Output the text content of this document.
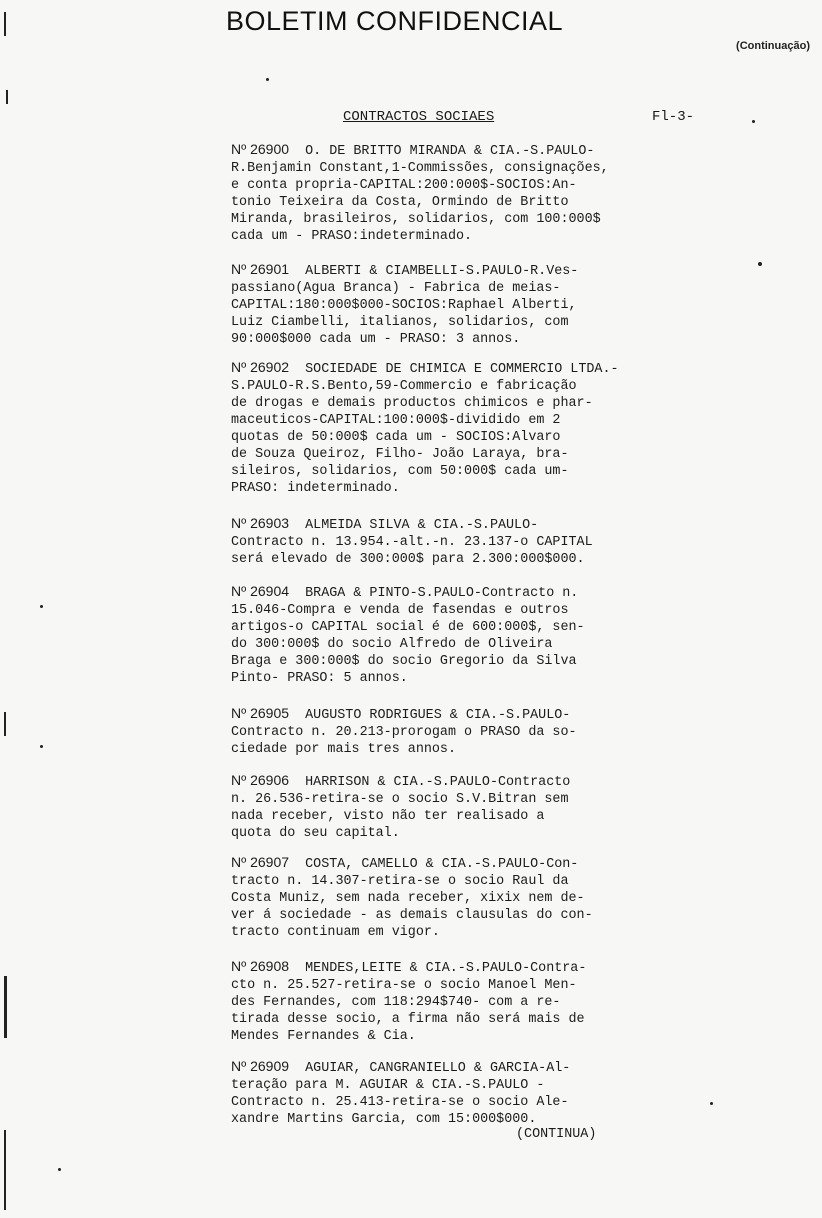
BOLETIM CONFIDENCIAL
(Continuação)
CONTRACTOS SOCIAES	Fl-3-
Nº 26900 O. DE BRITTO MIRANDA & CIA.-S.PAULO-
R.Benjamin Constant,1-Commissões, consignações,
e conta propria-CAPITAL:200:000$-SOCIOS:An-
tonio Teixeira da Costa, Ormindo de Britto
Miranda, brasileiros, solidarios, com 100:000$
cada um - PRASO:indeterminado.
Nº 26901 ALBERTI & CIAMBELLI-S.PAULO-R.Ves-
passiano(Agua Branca) - Fabrica de meias-
CAPITAL:180:000$000-SOCIOS:Raphael Alberti,
Luiz Ciambelli, italianos, solidarios, com
90:000$000 cada um - PRASO: 3 annos.
Nº 26902 SOCIEDADE DE CHIMICA E COMMERCIO LTDA.-
S.PAULO-R.S.Bento,59-Commercio e fabricação
de drogas e demais productos chimicos e phar-
maceuticos-CAPITAL:100:000$-dividido em 2
quotas de 50:000$ cada um - SOCIOS:Alvaro
de Souza Queiroz, Filho- João Laraya, bra-
sileiros, solidarios, com 50:000$ cada um-
PRASO: indeterminado.
Nº 26903 ALMEIDA SILVA & CIA.-S.PAULO-
Contracto n. 13.954.-alt.-n. 23.137-o CAPITAL
será elevado de 300:000$ para 2.300:000$000.
Nº 26904 BRAGA & PINTO-S.PAULO-Contracto n.
15.046-Compra e venda de fasendas e outros
artigos-o CAPITAL social é de 600:000$, sen-
do 300:000$ do socio Alfredo de Oliveira
Braga e 300:000$ do socio Gregorio da Silva
Pinto- PRASO: 5 annos.
Nº 26905 AUGUSTO RODRIGUES & CIA.-S.PAULO-
Contracto n. 20.213-prorogam o PRASO da so-
ciedade por mais tres annos.
Nº 26906 HARRISON & CIA.-S.PAULO-Contracto
n. 26.536-retira-se o socio S.V.Bitran sem
nada receber, visto não ter realisado a
quota do seu capital.
Nº 26907 COSTA, CAMELLO & CIA.-S.PAULO-Con-
tracto n. 14.307-retira-se o socio Raul da
Costa Muniz, sem nada receber, xixix nem de-
ver á sociedade - as demais clausulas do con-
tracto continuam em vigor.
Nº 26908 MENDES,LEITE & CIA.-S.PAULO-Contra-
cto n. 25.527-retira-se o socio Manoel Men-
des Fernandes, com 118:294$740- com a re-
tirada desse socio, a firma não será mais de
Mendes Fernandes & Cia.
Nº 26909 AGUIAR, CANGRANIELLO & GARCIA-Al-
teração para M. AGUIAR & CIA.-S.PAULO -
Contracto n. 25.413-retira-se o socio Ale-
xandre Martins Garcia, com 15:000$000.
(CONTINUA)
